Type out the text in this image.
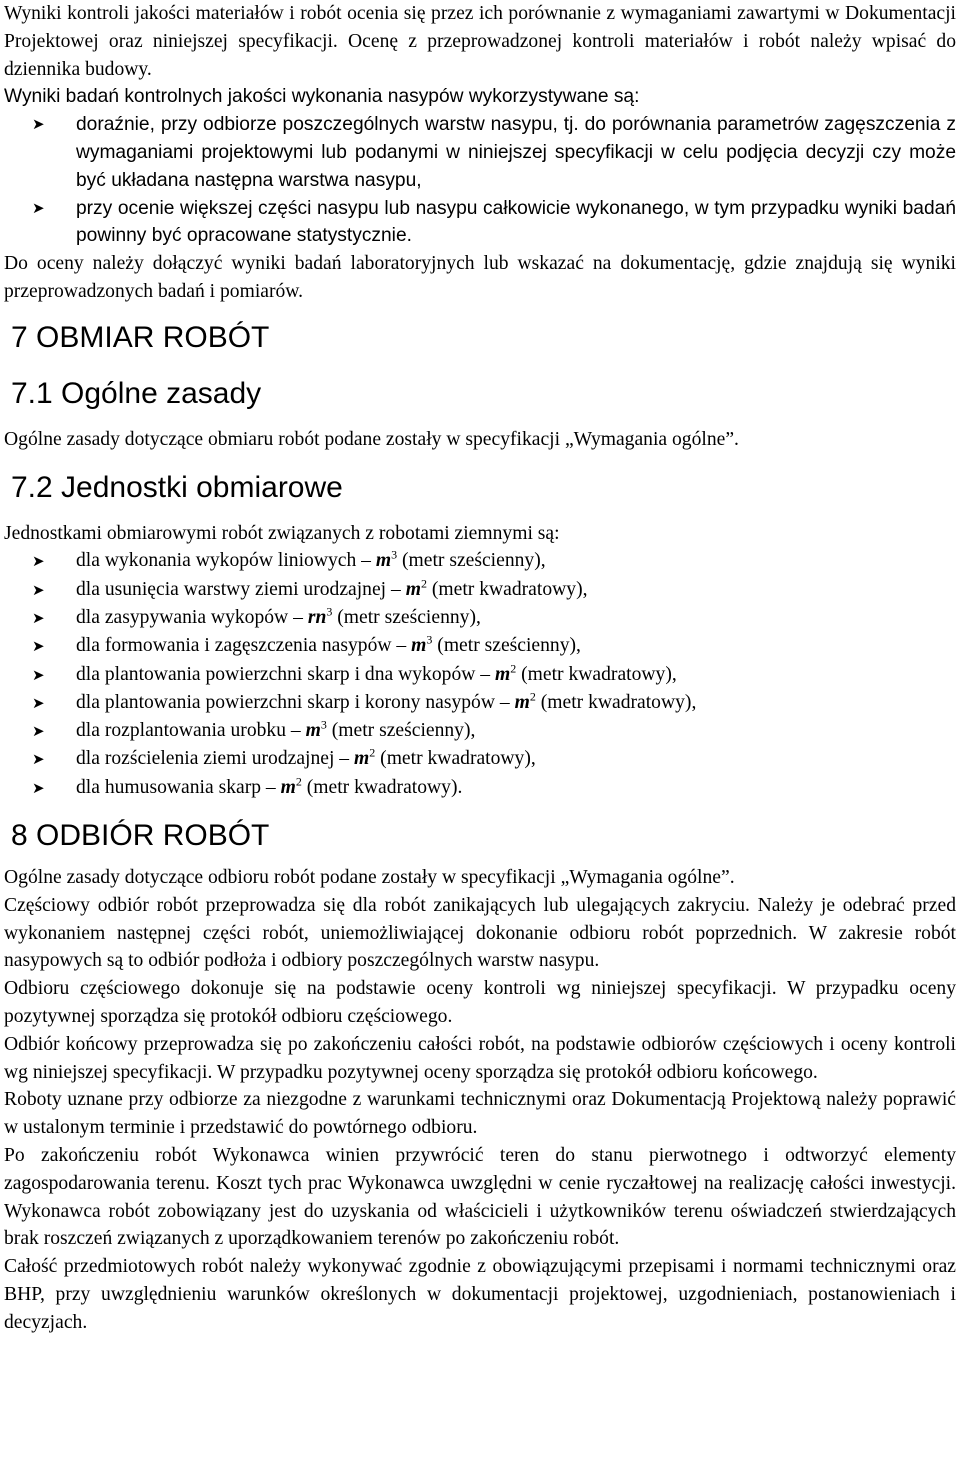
Wyniki kontroli jakości materiałów i robót ocenia się przez ich porównanie z wymaganiami zawartymi w Dokumentacji Projektowej oraz niniejszej specyfikacji. Ocenę z przeprowadzonej kontroli materiałów i robót należy wpisać do dziennika budowy.

Wyniki badań kontrolnych jakości wykonania nasypów wykorzystywane są:

➤ doraźnie, przy odbiorze poszczególnych warstw nasypu, tj. do porównania parametrów zagęszczenia z wymaganiami projektowymi lub podanymi w niniejszej specyfikacji w celu podjęcia decyzji czy może być układana następna warstwa nasypu,
➤ przy ocenie większej części nasypu lub nasypu całkowicie wykonanego, w tym przypadku wyniki badań powinny być opracowane statystycznie.

Do oceny należy dołączyć wyniki badań laboratoryjnych lub wskazać na dokumentację, gdzie znajdują się wyniki przeprowadzonych badań i pomiarów.

7 OBMIAR ROBÓT
7.1 Ogólne zasady

Ogólne zasady dotyczące obmiaru robót podane zostały w specyfikacji „Wymagania ogólne”.

7.2 Jednostki obmiarowe

Jednostkami obmiarowymi robót związanych z robotami ziemnymi są:

➤ dla wykonania wykopów liniowych – $m^3$ (metr sześcienny),
➤ dla usunięcia warstwy ziemi urodzajnej – $m^2$ (metr kwadratowy),
➤ dla zasypywania wykopów – $rn^3$ (metr sześcienny),
➤ dla formowania i zagęszczenia nasypów – $m^3$ (metr sześcienny),
➤ dla plantowania powierzchni skarp i dna wykopów – $m^2$ (metr kwadratowy),
➤ dla plantowania powierzchni skarp i korony nasypów – $m^2$ (metr kwadratowy),
➤ dla rozplantowania urobku – $m^3$ (metr sześcienny),
➤ dla rozścielenia ziemi urodzajnej – $m^2$ (metr kwadratowy),
➤ dla humusowania skarp – $m^2$ (metr kwadratowy).
8 ODBIÓR ROBÓT

Ogólne zasady dotyczące odbioru robót podane zostały w specyfikacji „Wymagania ogólne”.

Częściowy odbiór robót przeprowadza się dla robót zanikających lub ulegających zakryciu. Należy je odebrać przed wykonaniem następnej części robót, uniemożliwiającej dokonanie odbioru robót poprzednich. W zakresie robót nasypowych są to odbiór podłoża i odbiory poszczególnych warstw nasypu.

Odbioru częściowego dokonuje się na podstawie oceny kontroli wg niniejszej specyfikacji. W przypadku oceny pozytywnej sporządza się protokół odbioru częściowego.

Odbiór końcowy przeprowadza się po zakończeniu całości robót, na podstawie odbiorów częściowych i oceny kontroli wg niniejszej specyfikacji. W przypadku pozytywnej oceny sporządza się protokół odbioru końcowego.

Roboty uznane przy odbiorze za niezgodne z warunkami technicznymi oraz Dokumentacją Projektową należy poprawić w ustalonym terminie i przedstawić do powtórnego odbioru.

Po zakończeniu robót Wykonawca winien przywrócić teren do stanu pierwotnego i odtworzyć elementy zagospodarowania terenu. Koszt tych prac Wykonawca uwzględni w cenie ryczałtowej na realizację całości inwestycji. Wykonawca robót zobowiązany jest do uzyskania od właścicieli i użytkowników terenu oświadczeń stwierdzających brak roszczeń związanych z uporządkowaniem terenów po zakończeniu robót.

Całość przedmiotowych robót należy wykonywać zgodnie z obowiązującymi przepisami i normami technicznymi oraz BHP, przy uwzględnieniu warunków określonych w dokumentacji projektowej, uzgodnieniach, postanowieniach i decyzjach.
